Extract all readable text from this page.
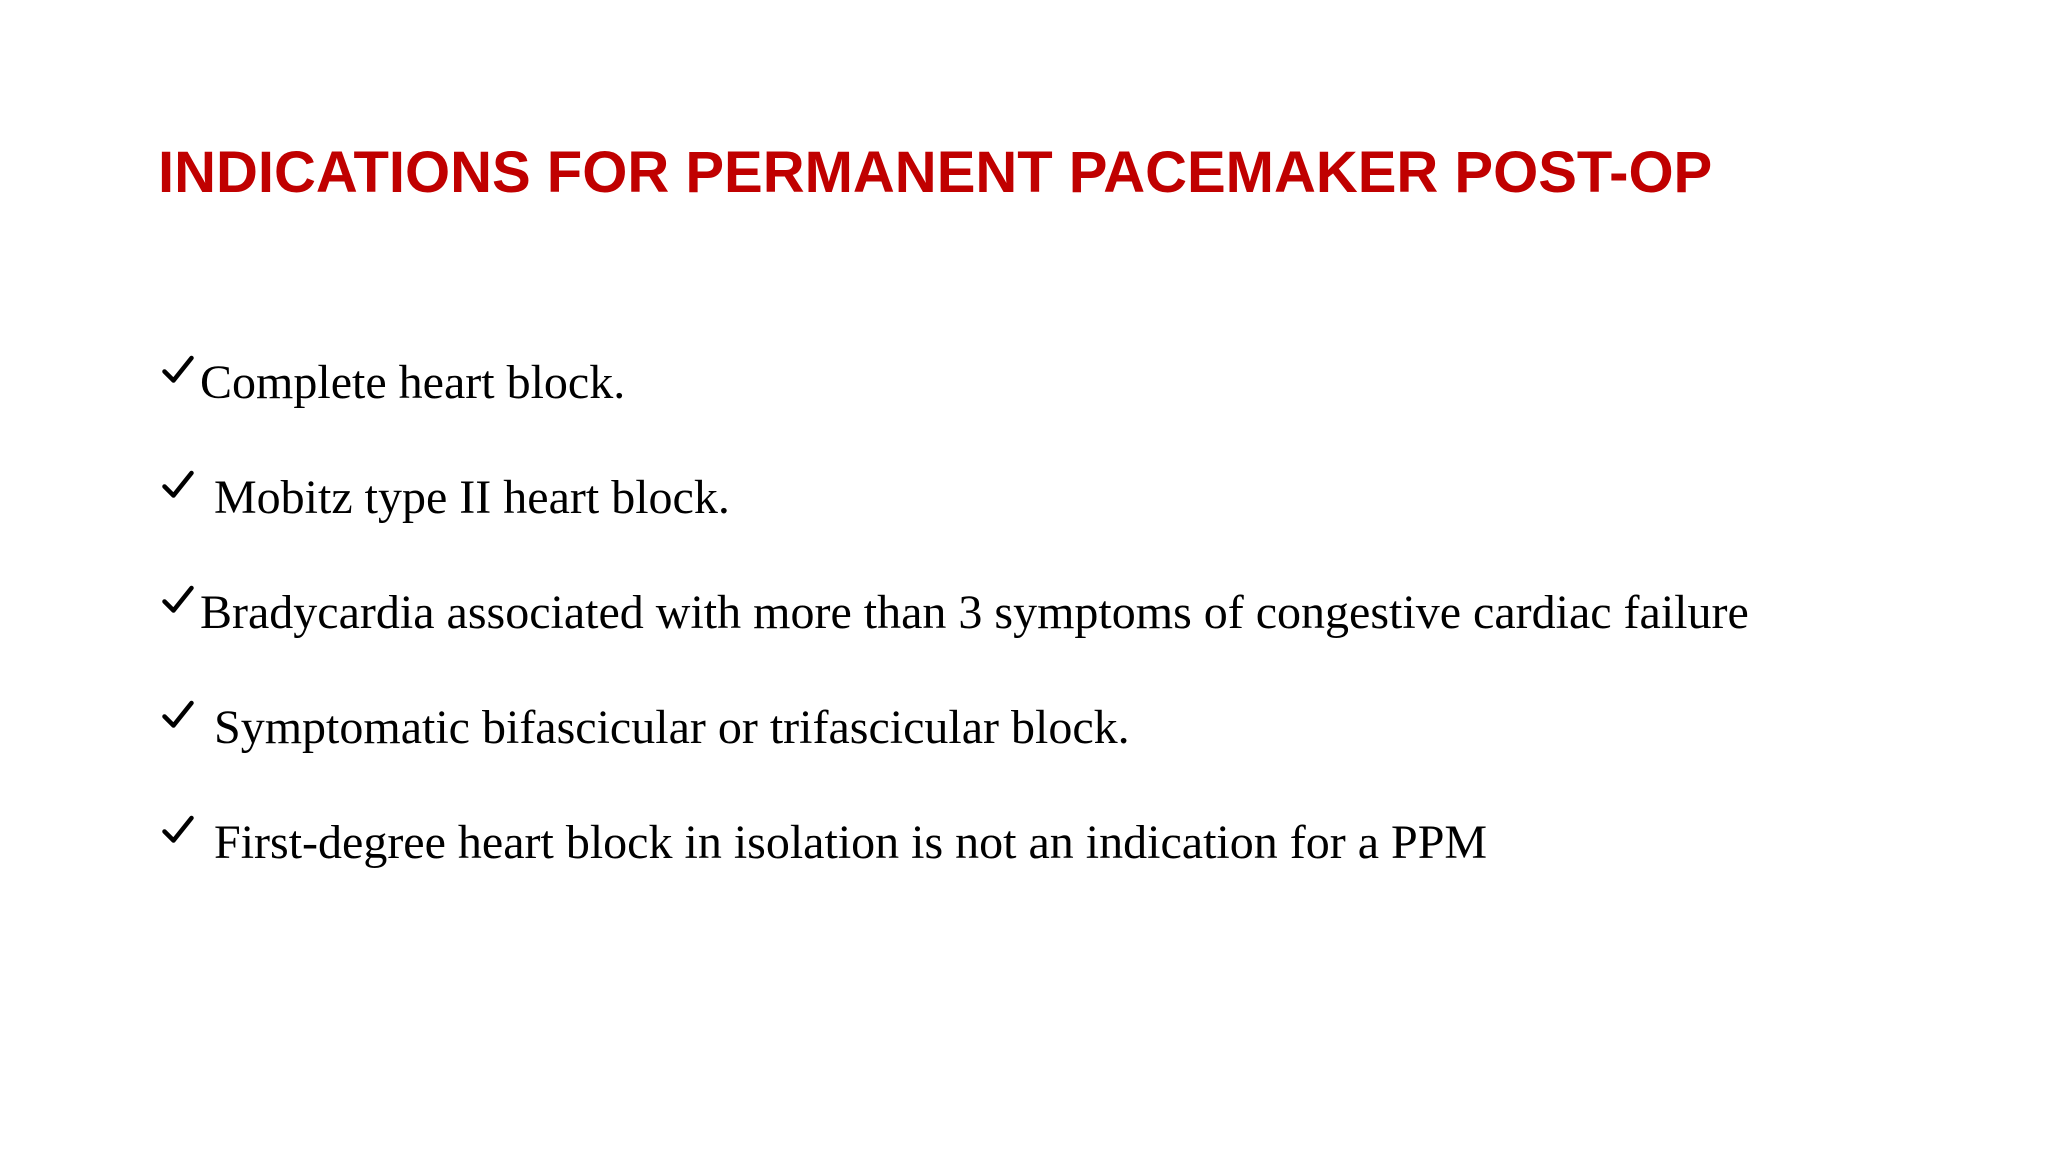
INDICATIONS FOR PERMANENT PACEMAKER POST-OP
Complete heart block.
Mobitz type II heart block.
Bradycardia associated with more than 3 symptoms of congestive cardiac failure
Symptomatic bifascicular or trifascicular block.
First-degree heart block in isolation is not an indication for a PPM
